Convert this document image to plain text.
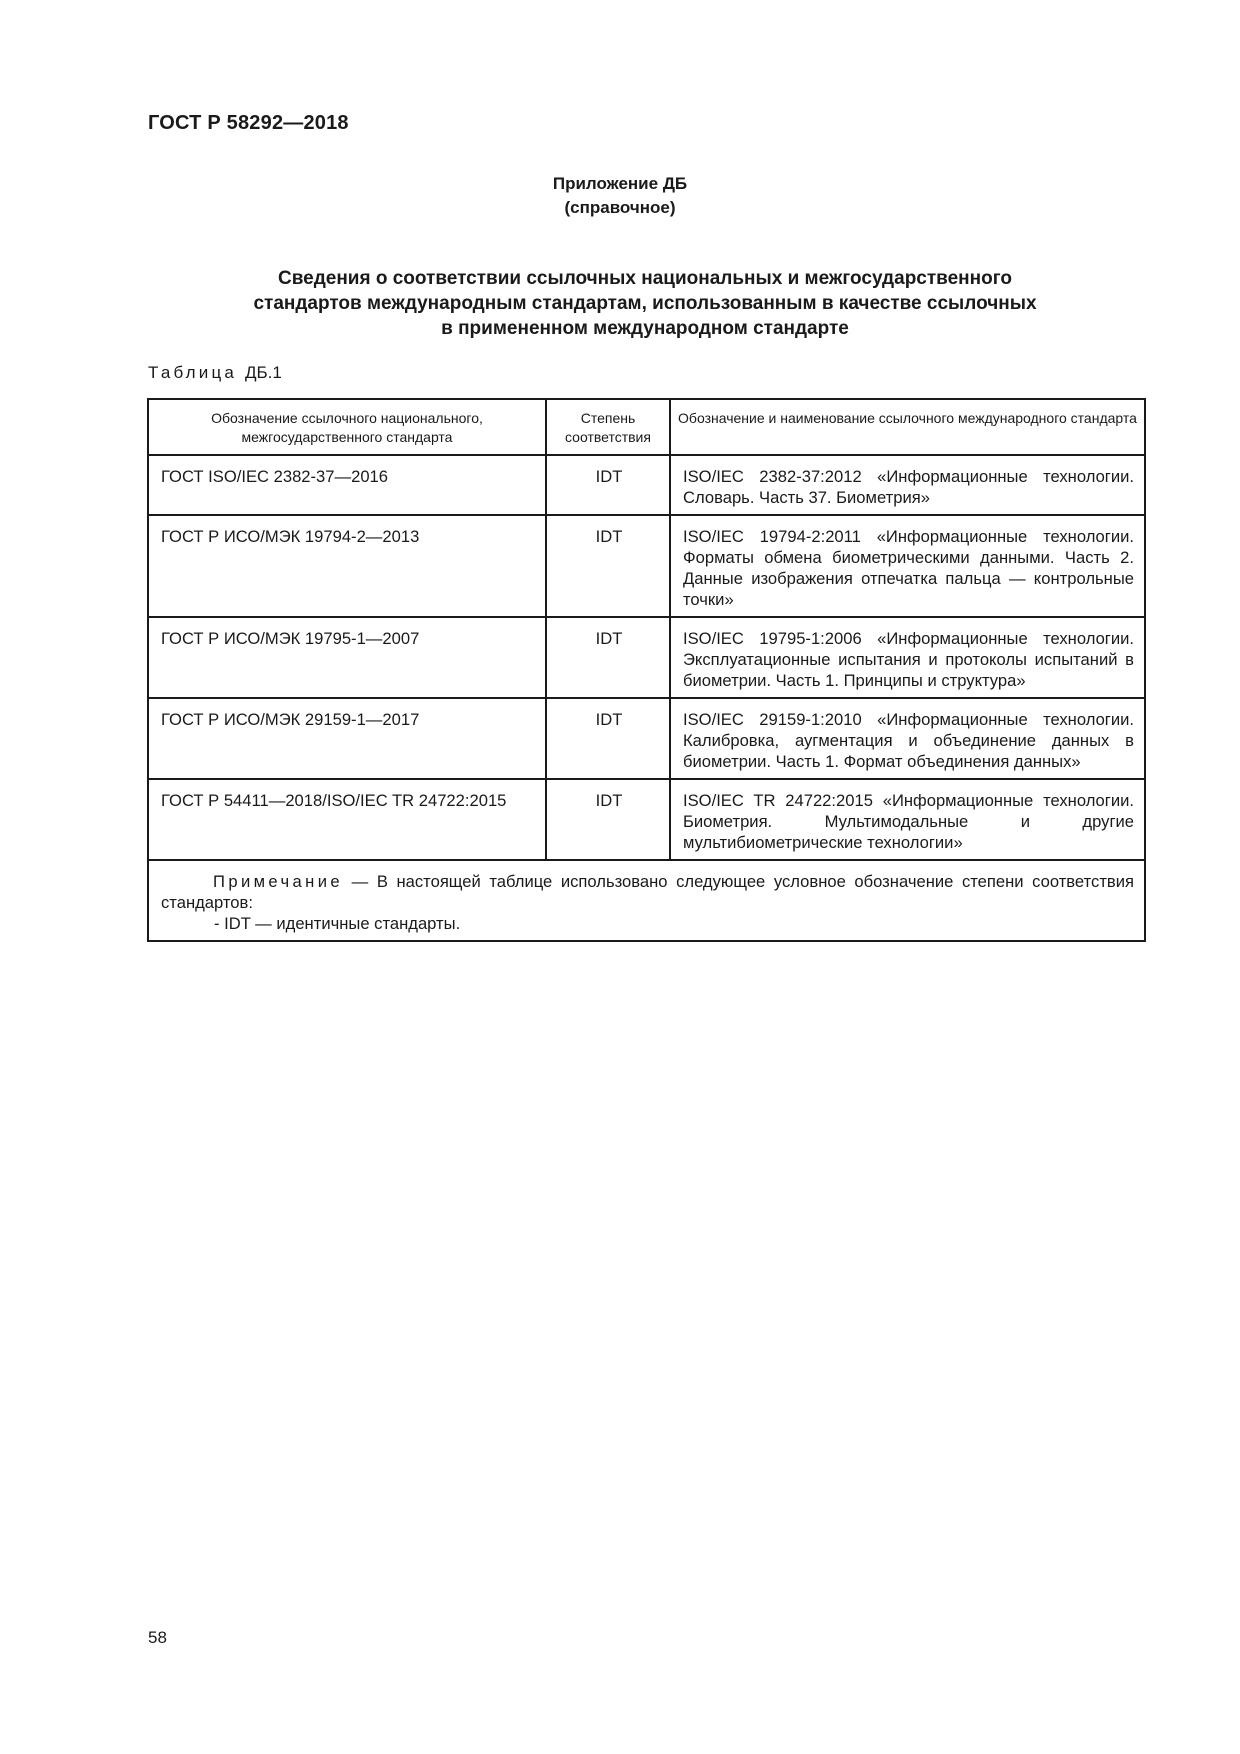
ГОСТ Р 58292—2018
Приложение ДБ
(справочное)
Сведения о соответствии ссылочных национальных и межгосударственного
стандартов международным стандартам, использованным в качестве ссылочных
в примененном международном стандарте
Таблица ДБ.1
Обозначение ссылочного национального, межгосударственного стандарта	Степень соответствия	Обозначение и наименование ссылочного международного стандарта
ГОСТ ISO/IEC 2382-37—2016	IDT	ISO/IEC 2382-37:2012 «Информационные технологии. Словарь. Часть 37. Биометрия»
ГОСТ Р ИСО/МЭК 19794-2—2013	IDT	ISO/IEC 19794-2:2011 «Информационные технологии. Форматы обмена биометрическими данными. Часть 2. Данные изображения отпечатка пальца — контрольные точки»
ГОСТ Р ИСО/МЭК 19795-1—2007	IDT	ISO/IEC 19795-1:2006 «Информационные технологии. Эксплуатационные испытания и протоколы испытаний в биометрии. Часть 1. Принципы и структура»
ГОСТ Р ИСО/МЭК 29159-1—2017	IDT	ISO/IEC 29159-1:2010 «Информационные технологии. Калибровка, аугментация и объединение данных в биометрии. Часть 1. Формат объединения данных»
ГОСТ Р 54411—2018/ISO/IEC TR 24722:2015	IDT	ISO/IEC TR 24722:2015 «Информационные технологии. Биометрия. Мультимодальные и другие мультибиометрические технологии»

Примечание — В настоящей таблице использовано следующее условное обозначение степени соответствия стандартов:
- IDT — идентичные стандарты.		
58
